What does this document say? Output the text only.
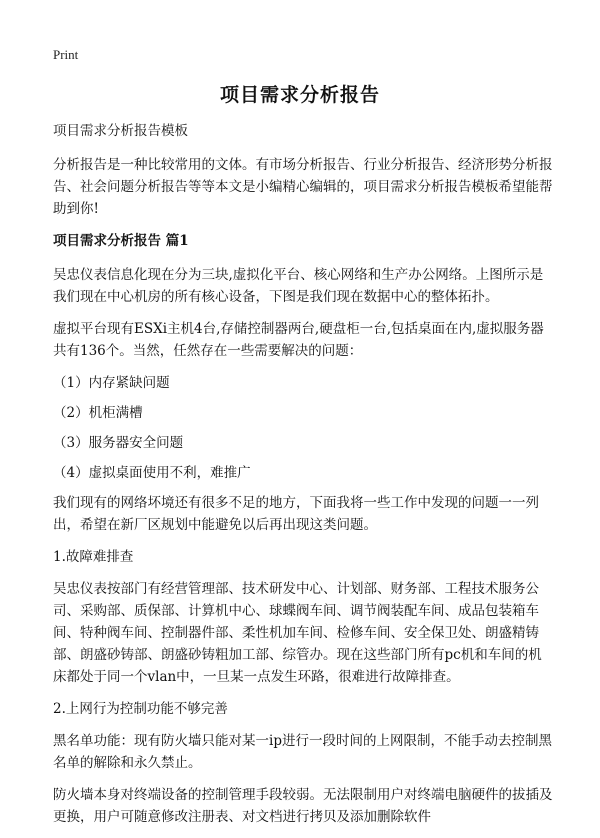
Print
项目需求分析报告

项目需求分析报告模板

分析报告是一种比较常用的文体。有市场分析报告、行业分析报告、经济形势分析报告、社会问题分析报告等等本文是小编精心编辑的，项目需求分析报告模板希望能帮助到你!

项目需求分析报告 篇1

吴忠仪表信息化现在分为三块,虚拟化平台、核心网络和生产办公网络。上图所示是我们现在中心机房的所有核心设备，下图是我们现在数据中心的整体拓扑。

虚拟平台现有ESXi主机4台,存储控制器两台,硬盘柜一台,包括桌面在内,虚拟服务器共有136个。当然，任然存在一些需要解决的问题：

（1）内存紧缺问题

（2）机柜满槽

（3）服务器安全问题

（4）虚拟桌面使用不利，难推广

我们现有的网络坏境还有很多不足的地方，下面我将一些工作中发现的问题一一列出，希望在新厂区规划中能避免以后再出现这类问题。

1.故障难排查

吴忠仪表按部门有经营管理部、技术研发中心、计划部、财务部、工程技术服务公司、采购部、质保部、计算机中心、球蝶阀车间、调节阀装配车间、成品包装箱车间、特种阀车间、控制器件部、柔性机加车间、检修车间、安全保卫处、朗盛精铸部、朗盛砂铸部、朗盛砂铸粗加工部、综管办。现在这些部门所有pc机和车间的机床都处于同一个vlan中，一旦某一点发生环路，很难进行故障排查。

2.上网行为控制功能不够完善

黑名单功能：现有防火墙只能对某一ip进行一段时间的上网限制，不能手动去控制黑名单的解除和永久禁止。

防火墙本身对终端设备的控制管理手段较弱。无法限制用户对终端电脑硬件的拔插及更换，用户可随意修改注册表、对文档进行拷贝及添加删除软件
